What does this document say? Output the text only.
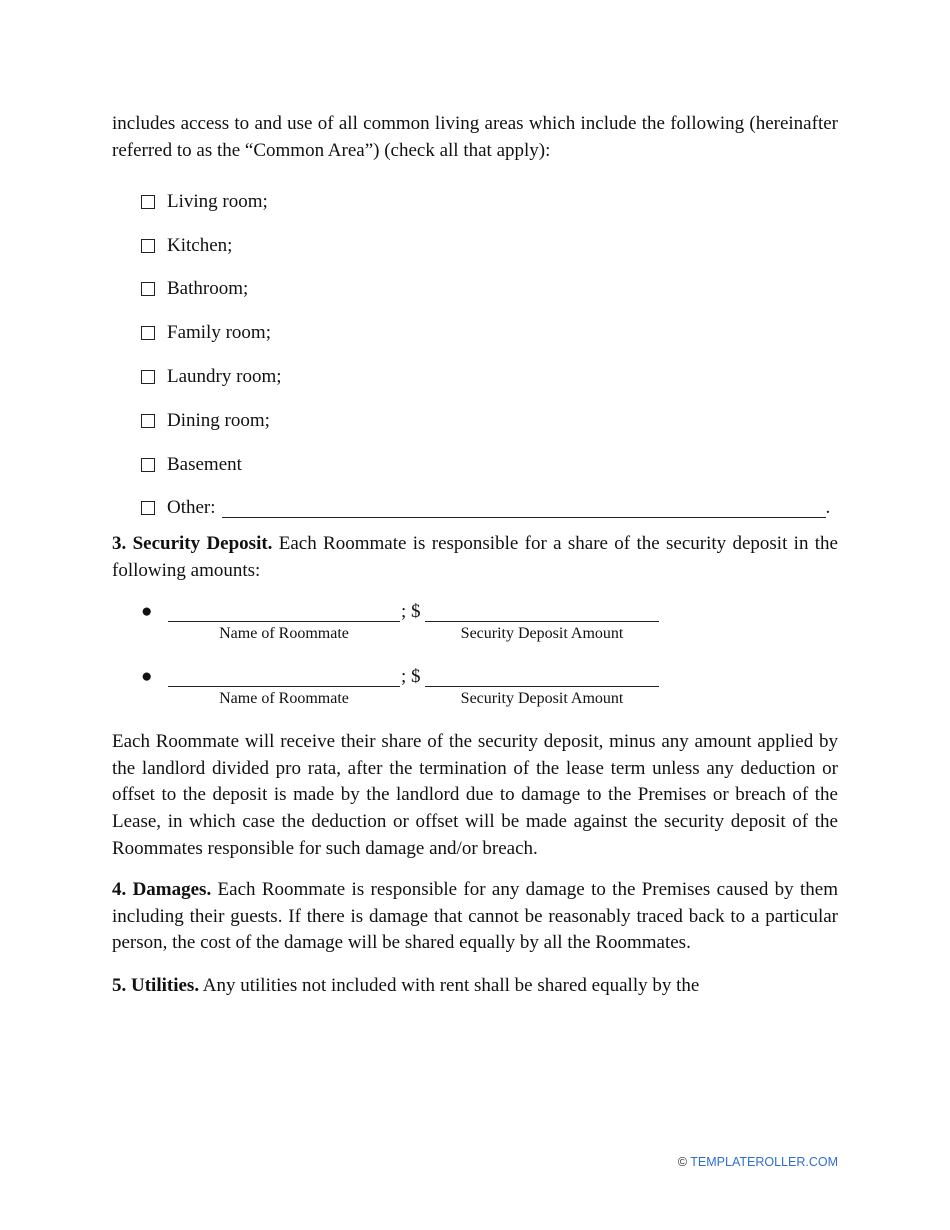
includes access to and use of all common living areas which include the following (hereinafter referred to as the “Common Area”) (check all that apply):

Living room;
Kitchen;
Bathroom;
Family room;
Laundry room;
Dining room;
Basement
Other:	.

3. Security Deposit. Each Roommate is responsible for a share of the security deposit in the following amounts:

●	; $
Name of Roommate	Security Deposit Amount
●	; $
Name of Roommate	Security Deposit Amount

Each Roommate will receive their share of the security deposit, minus any amount applied by the landlord divided pro rata, after the termination of the lease term unless any deduction or offset to the deposit is made by the landlord due to damage to the Premises or breach of the Lease, in which case the deduction or offset will be made against the security deposit of the Roommates responsible for such damage and/or breach.

4. Damages. Each Roommate is responsible for any damage to the Premises caused by them including their guests. If there is damage that cannot be reasonably traced back to a particular person, the cost of the damage will be shared equally by all the Roommates.

5. Utilities. Any utilities not included with rent shall be shared equally by the

© TEMPLATEROLLER.COM
